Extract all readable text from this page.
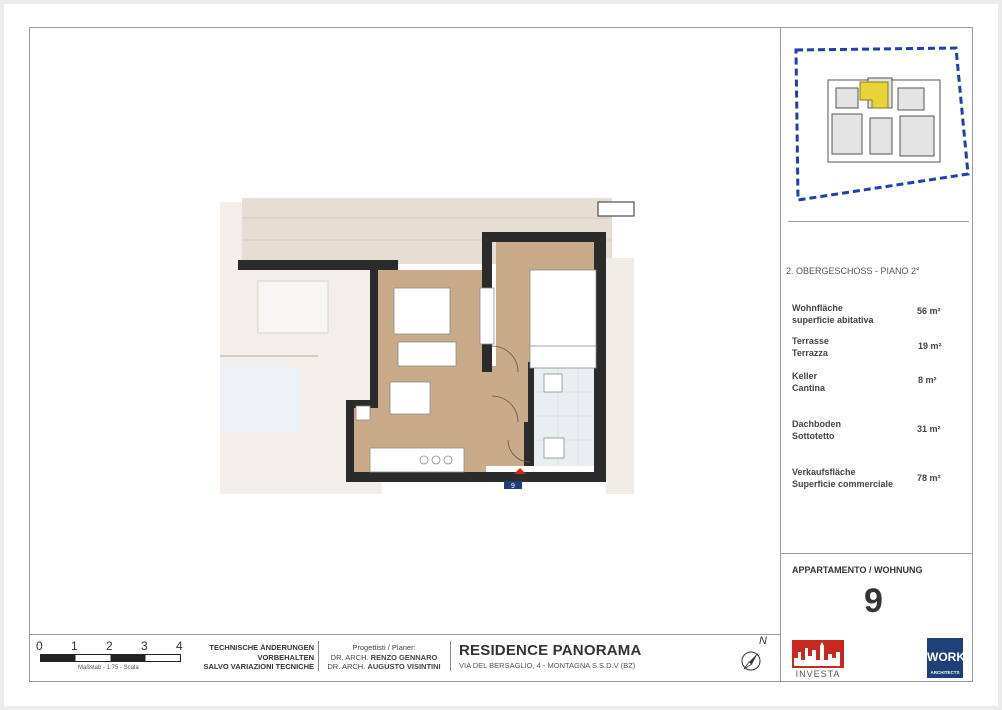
2. OBERGESCHOSS - PIANO 2°
Wohnfläche
superficie abitativa
56 m²
Terrasse
Terrazza
19 m²
Keller
Cantina
8 m²
Dachboden
Sottotetto
31 m²
Verkaufsfläche
Superficie commerciale
78 m²
APPARTAMENTO / WOHNUNG
9
9
0 1 2 3 4
Maßstab - 1:75 - Scala
TECHNISCHE ÄNDERUNGEN
VORBEHALTEN
SALVO VARIAZIONI TECNICHE
Progettisti / Planer:
DR. ARCH. RENZO GENNARO
DR. ARCH. AUGUSTO VISINTINI
RESIDENCE PANORAMA
VIA DEL BERSAGLIO, 4 - MONTAGNA S.S.D.V (BZ)
N
INVESTA
WORK
ARCHITECTS
